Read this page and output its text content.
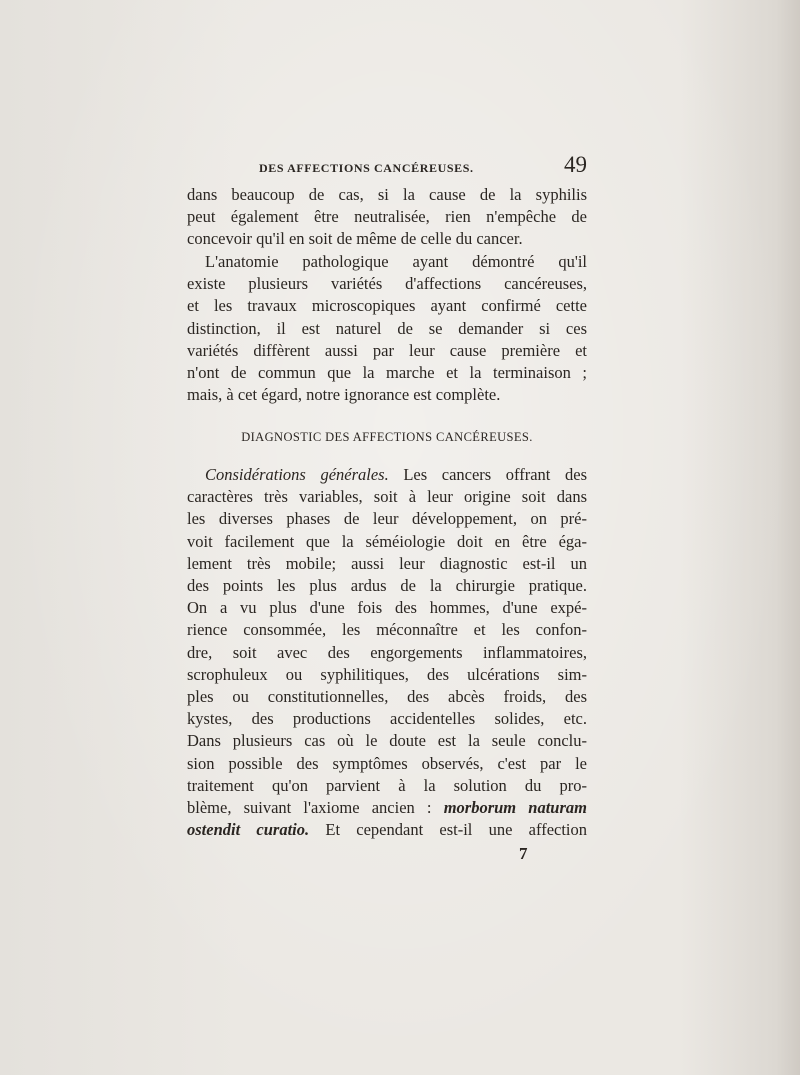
DES AFFECTIONS CANCÉREUSES.	49

dans beaucoup de cas, si la cause de la syphilis

peut également être neutralisée, rien n'empêche de

concevoir qu'il en soit de même de celle du cancer.

L'anatomie pathologique ayant démontré qu'il

existe plusieurs variétés d'affections cancéreuses,

et les travaux microscopiques ayant confirmé cette

distinction, il est naturel de se demander si ces

variétés diffèrent aussi par leur cause première et

n'ont de commun que la marche et la terminaison ;

mais, à cet égard, notre ignorance est complète.

DIAGNOSTIC DES AFFECTIONS CANCÉREUSES.

Considérations générales. Les cancers offrant des

caractères très variables, soit à leur origine soit dans

les diverses phases de leur développement, on pré-

voit facilement que la séméiologie doit en être éga-

lement très mobile; aussi leur diagnostic est-il un

des points les plus ardus de la chirurgie pratique.

On a vu plus d'une fois des hommes, d'une expé-

rience consommée, les méconnaître et les confon-

dre, soit avec des engorgements inflammatoires,

scrophuleux ou syphilitiques, des ulcérations sim-

ples ou constitutionnelles, des abcès froids, des

kystes, des productions accidentelles solides, etc.

Dans plusieurs cas où le doute est la seule conclu-

sion possible des symptômes observés, c'est par le

traitement qu'on parvient à la solution du pro-

blème, suivant l'axiome ancien : morborum naturam

ostendit curatio. Et cependant est-il une affection

7
